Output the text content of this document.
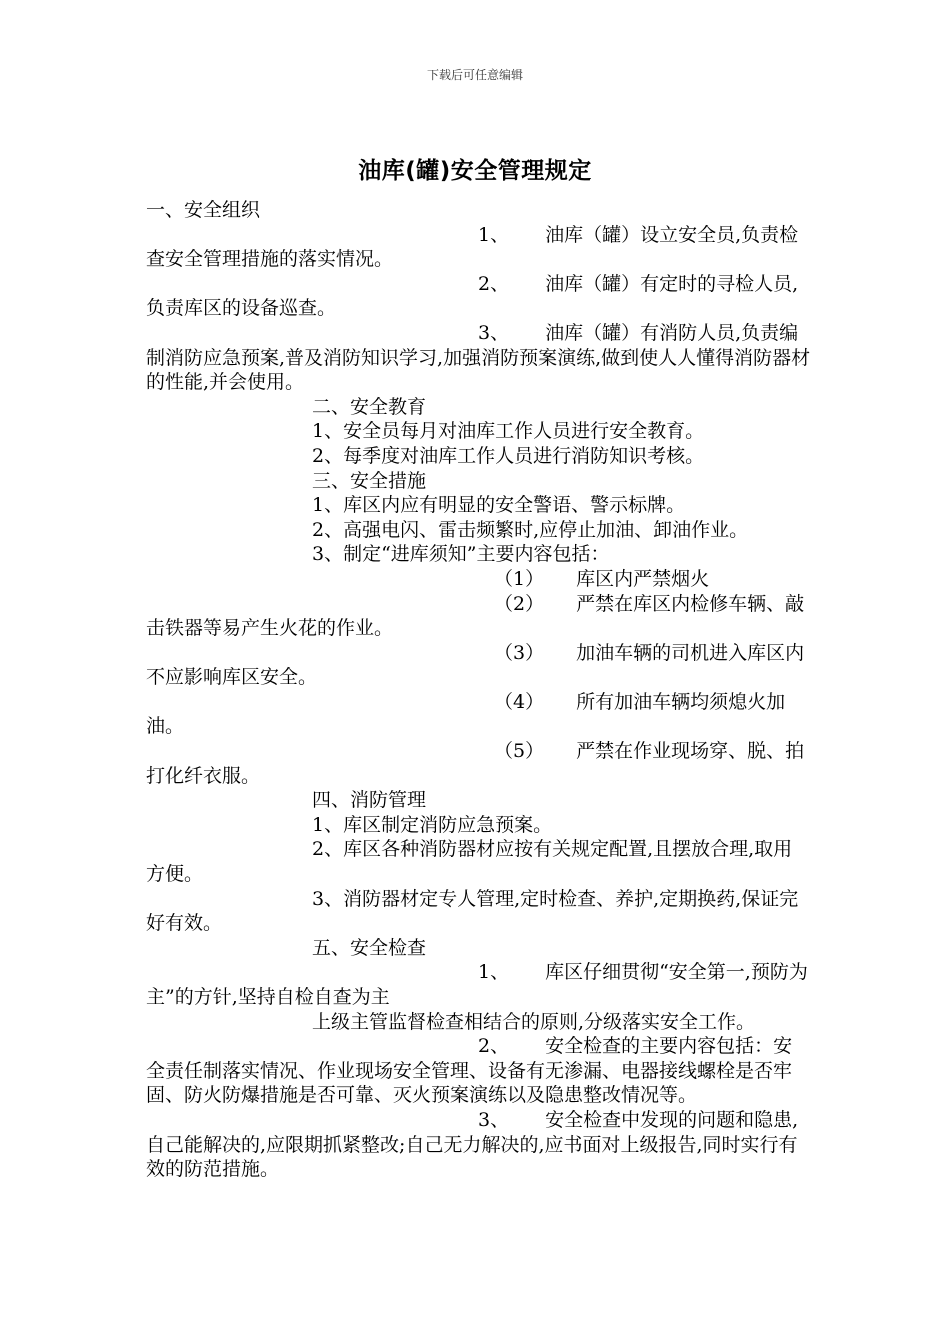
下载后可任意编辑
油库(罐)安全管理规定

一、安全组织

1、 油库（罐）设立安全员,负责检查安全管理措施的落实情况。

2、 油库（罐）有定时的寻检人员,负责库区的设备巡查。

3、 油库（罐）有消防人员,负责编制消防应急预案,普及消防知识学习,加强消防预案演练,做到使人人懂得消防器材的性能,并会使用。

二、安全教育

1、安全员每月对油库工作人员进行安全教育。

2、每季度对油库工作人员进行消防知识考核。

三、安全措施

1、库区内应有明显的安全警语、警示标牌。

2、高强电闪、雷击频繁时,应停止加油、卸油作业。

3、制定“进库须知”主要内容包括：

（1） 库区内严禁烟火

（2） 严禁在库区内检修车辆、敲击铁器等易产生火花的作业。

（3） 加油车辆的司机进入库区内不应影响库区安全。

（4） 所有加油车辆均须熄火加油。

（5） 严禁在作业现场穿、脱、拍打化纤衣服。

四、消防管理

1、库区制定消防应急预案。

2、库区各种消防器材应按有关规定配置,且摆放合理,取用方便。

3、消防器材定专人管理,定时检查、养护,定期换药,保证完好有效。

五、安全检查

1、 库区仔细贯彻“安全第一,预防为主”的方针,坚持自检自查为主

上级主管监督检查相结合的原则,分级落实安全工作。

2、 安全检查的主要内容包括：安全责任制落实情况、作业现场安全管理、设备有无渗漏、电器接线螺栓是否牢固、防火防爆措施是否可靠、灭火预案演练以及隐患整改情况等。

3、 安全检查中发现的问题和隐患,自己能解决的,应限期抓紧整改;自己无力解决的,应书面对上级报告,同时实行有效的防范措施。
